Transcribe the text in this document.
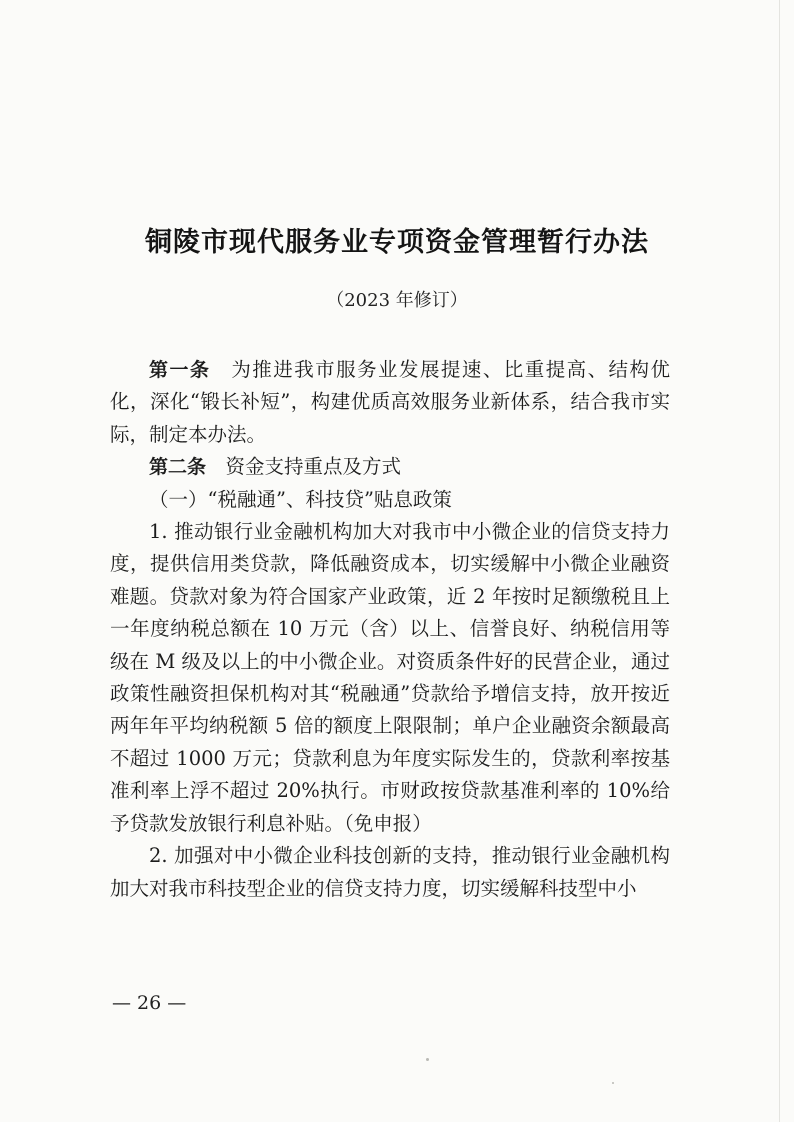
铜陵市现代服务业专项资金管理暂行办法
（2023 年修订）

第一条　为推进我市服务业发展提速、比重提高、结构优化，深化“锻长补短”，构建优质高效服务业新体系，结合我市实际，制定本办法。

第二条　资金支持重点及方式

（一）“税融通”、科技贷”贴息政策

1. 推动银行业金融机构加大对我市中小微企业的信贷支持力度，提供信用类贷款，降低融资成本，切实缓解中小微企业融资难题。贷款对象为符合国家产业政策，近 2 年按时足额缴税且上一年度纳税总额在 10 万元（含）以上、信誉良好、纳税信用等级在 M 级及以上的中小微企业。对资质条件好的民营企业，通过政策性融资担保机构对其“税融通”贷款给予增信支持，放开按近两年年平均纳税额 5 倍的额度上限限制；单户企业融资余额最高不超过 1000 万元；贷款利息为年度实际发生的，贷款利率按基准利率上浮不超过 20%执行。市财政按贷款基准利率的 10%给予贷款发放银行利息补贴。（免申报）

2. 加强对中小微企业科技创新的支持，推动银行业金融机构加大对我市科技型企业的信贷支持力度，切实缓解科技型中小

— 26 —
